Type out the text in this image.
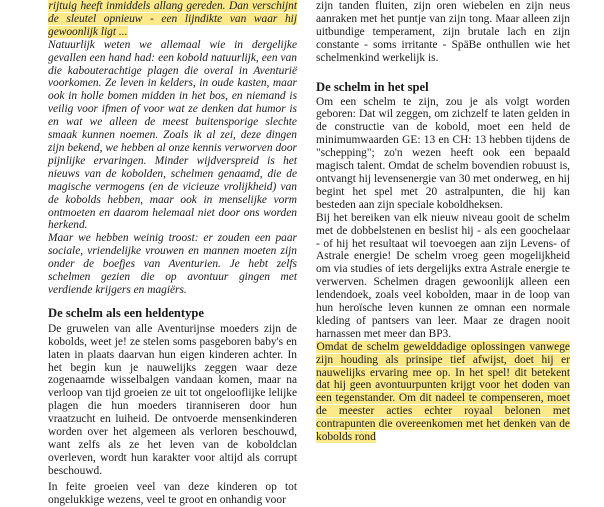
rijtuig heeft inmiddels allang gereden. Dan verschijnt de sleutel opnieuw - een lijndikte van waar hij gewoonlijk ligt ...

Natuurlijk weten we allemaal wie in dergelijke gevallen een hand had: een kobold natuurlijk, een van die kabouterachtige plagen die overal in Aventurië voorkomen. Ze leven in kelders, in oude kasten, maar ook in holle bomen midden in het bos, en niemand is veilig voor ifmen of voor wat ze denken dat humor is en wat we alleen de meest buitensporige slechte smaak kunnen noemen. Zoals ik al zei, deze dingen zijn bekend, we hebben al onze kennis verworven door pijnlijke ervaringen. Minder wijdverspreid is het nieuws van de kobolden, schelmen genaamd, die de magische vermogens (en de vicieuze vrolijkheid) van de kobolds hebben, maar ook in menselijke vorm ontmoeten en daarom helemaal niet door ons worden herkend.

Maar we hebben weinig troost: er zouden een paar sociale, vriendelijke vrouwen en mannen moeten zijn onder de boefjes van Aventurien. Je hebt zelfs schelmen gezien die op avontuur gingen met verdiende krijgers en magiërs.

De schelm als een heldentype

De gruwelen van alle Aventurijnse moeders zijn de kobolds, weet je! ze stelen soms pasgeboren baby's en laten in plaats daarvan hun eigen kinderen achter. In het begin kun je nauwelijks zeggen waar deze zogenaamde wisselbalgen vandaan komen, maar na verloop van tijd groeien ze uit tot ongelooflijke lelijke plagen die hun moeders tiranniseren door hun vraatzucht en luiheid. De ontvoerde mensenkinderen worden over het algemeen als verloren beschouwd, want zelfs als ze het leven van de koboldclan overleven, wordt hun karakter voor altijd als corrupt beschouwd.

In feite groeien veel van deze kinderen op tot ongelukkige wezens, veel te groot en onhandig voor

zijn tanden fluiten, zijn oren wiebelen en zijn neus aanraken met het puntje van zijn tong. Maar alleen zijn uitbundige temperament, zijn brutale lach en zijn constante - soms irritante - SpäBe onthullen wie het schelmenkind werkelijk is.

De schelm in het spel

Om een schelm te zijn, zou je als volgt worden geboren: Dat wil zeggen, om zichzelf te laten gelden in de constructie van de kobold, moet een held de minimumwaarden GE: 13 en CH: 13 hebben tijdens de "schepping"; zo'n wezen heeft ook een bepaald magisch talent. Omdat de schelm bovendien robuust is, ontvangt hij levensenergie van 30 met onderweg, en hij begint het spel met 20 astralpunten, die hij kan besteden aan zijn speciale koboldheksen.

Bij het bereiken van elk nieuw niveau gooit de schelm met de dobbelstenen en beslist hij - als een goochelaar - of hij het resultaat wil toevoegen aan zijn Levens- of Astrale energie! De schelm vroeg geen mogelijkheid om via studies of iets dergelijks extra Astrale energie te verwerven. Schelmen dragen gewoonlijk alleen een lendendoek, zoals veel kobolden, maar in de loop van hun heroïsche leven kunnen ze omnan een normale kleding of pantsers van leer. Maar ze dragen nooit harnassen met meer dan BP3.

Omdat de schelm gewelddadige oplossingen vanwege zijn houding als prinsipe tief afwijst, doet hij er nauwelijks ervaring mee op. In het spel! dit betekent dat hij geen avontuurpunten krijgt voor het doden van een tegenstander. Om dit nadeel te compenseren, moet de meester acties echter royaal belonen met contrapunten die overeenkomen met het denken van de kobolds rond
